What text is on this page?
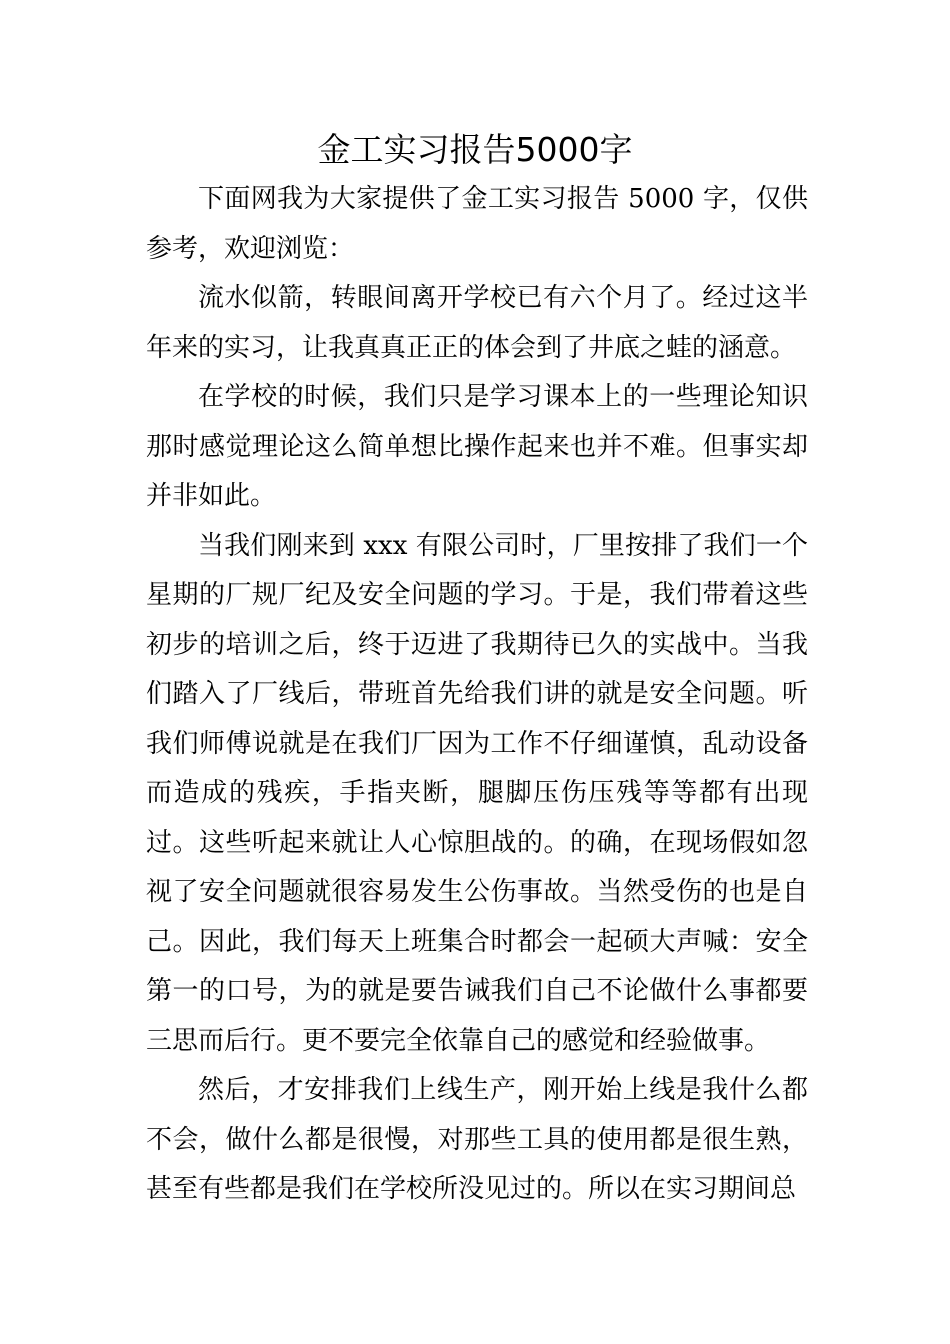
金工实习报告5000字

下面网我为大家提供了金工实习报告 5000 字，仅供参考，欢迎浏览：

流水似箭，转眼间离开学校已有六个月了。经过这半年来的实习，让我真真正正的体会到了井底之蛙的涵意。

在学校的时候，我们只是学习课本上的一些理论知识那时感觉理论这么简单想比操作起来也并不难。但事实却并非如此。

当我们刚来到 xxx 有限公司时，厂里按排了我们一个星期的厂规厂纪及安全问题的学习。于是，我们带着这些初步的培训之后，终于迈进了我期待已久的实战中。当我们踏入了厂线后，带班首先给我们讲的就是安全问题。听我们师傅说就是在我们厂因为工作不仔细谨慎，乱动设备而造成的残疾，手指夹断，腿脚压伤压残等等都有出现过。这些听起来就让人心惊胆战的。的确，在现场假如忽视了安全问题就很容易发生公伤事故。当然受伤的也是自己。因此，我们每天上班集合时都会一起硕大声喊：安全第一的口号，为的就是要告诫我们自己不论做什么事都要三思而后行。更不要完全依靠自己的感觉和经验做事。

然后，才安排我们上线生产，刚开始上线是我什么都不会，做什么都是很慢，对那些工具的使用都是很生熟，甚至有些都是我们在学校所没见过的。所以在实习期间总
